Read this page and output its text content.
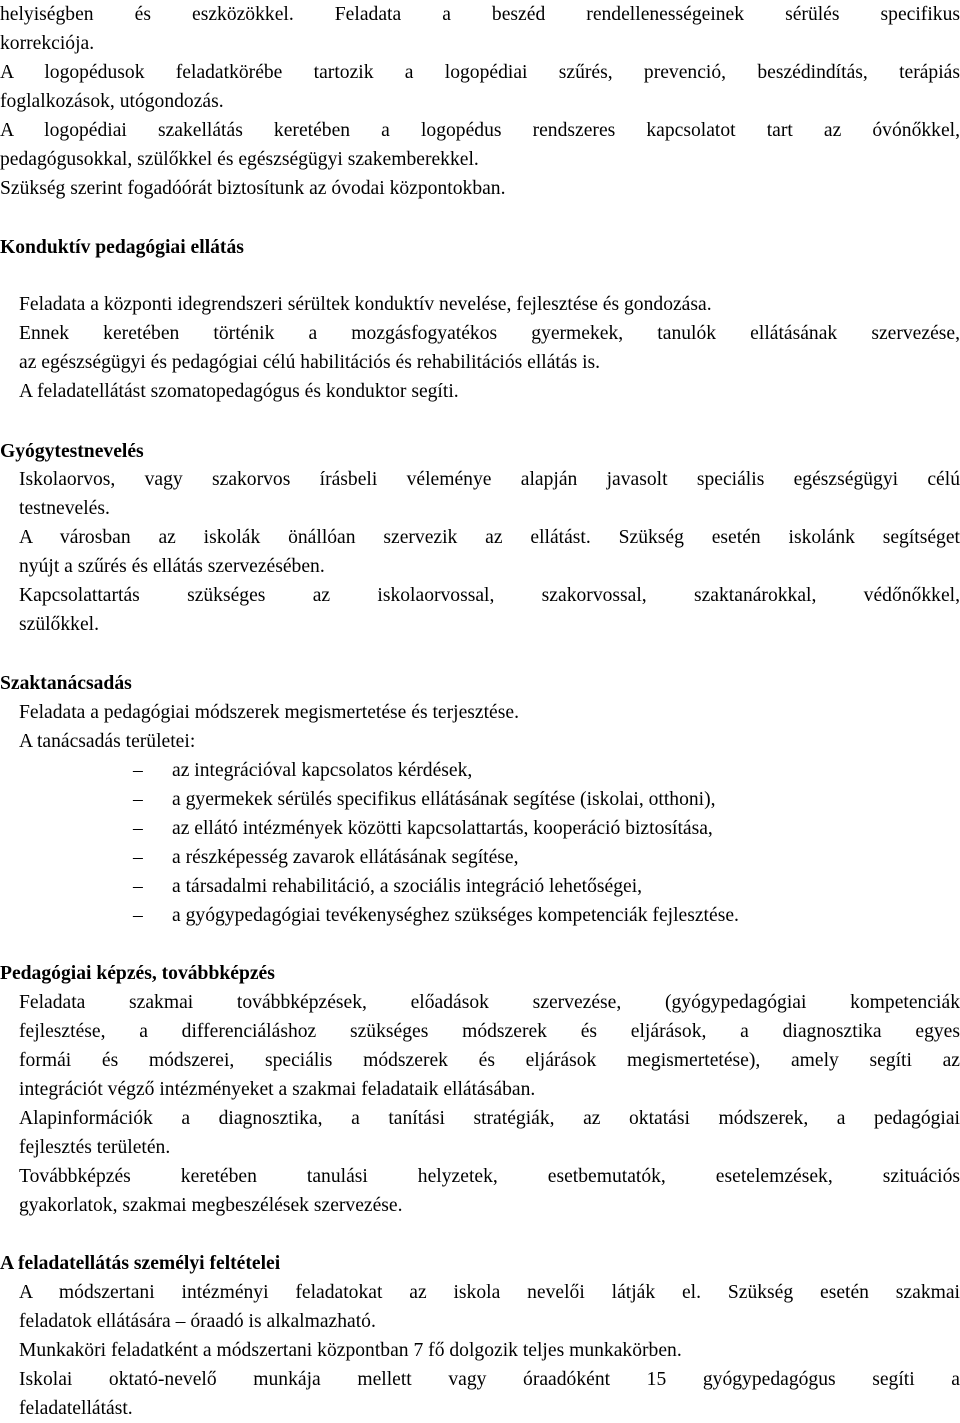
helyiségben és eszközökkel. Feladata a beszéd rendellenességeinek sérülés specifikus
korrekciója.
A logopédusok feladatkörébe tartozik a logopédiai szűrés, prevenció, beszédindítás, terápiás
foglalkozások, utógondozás.
A logopédiai szakellátás keretében a logopédus rendszeres kapcsolatot tart az óvónőkkel,
pedagógusokkal, szülőkkel és egészségügyi szakemberekkel.
Szükség szerint fogadóórát biztosítunk az óvodai központokban.
Konduktív pedagógiai ellátás
Feladata a központi idegrendszeri sérültek konduktív nevelése, fejlesztése és gondozása.
Ennek keretében történik a mozgásfogyatékos gyermekek, tanulók ellátásának szervezése,
az egészségügyi és pedagógiai célú habilitációs és rehabilitációs ellátás is.
A feladatellátást szomatopedagógus és konduktor segíti.
Gyógytestnevelés
Iskolaorvos, vagy szakorvos írásbeli véleménye alapján javasolt speciális egészségügyi célú
testnevelés.
A városban az iskolák önállóan szervezik az ellátást. Szükség esetén iskolánk segítséget
nyújt a szűrés és ellátás szervezésében.
Kapcsolattartás szükséges az iskolaorvossal, szakorvossal, szaktanárokkal, védőnőkkel,
szülőkkel.
Szaktanácsadás
Feladata a pedagógiai módszerek megismertetése és terjesztése.
A tanácsadás területei:
– az integrációval kapcsolatos kérdések,
– a gyermekek sérülés specifikus ellátásának segítése (iskolai, otthoni),
– az ellátó intézmények közötti kapcsolattartás, kooperáció biztosítása,
– a részképesség zavarok ellátásának segítése,
– a társadalmi rehabilitáció, a szociális integráció lehetőségei,
– a gyógypedagógiai tevékenységhez szükséges kompetenciák fejlesztése.
Pedagógiai képzés, továbbképzés
Feladata szakmai továbbképzések, előadások szervezése, (gyógypedagógiai kompetenciák
fejlesztése, a differenciáláshoz szükséges módszerek és eljárások, a diagnosztika egyes
formái és módszerei, speciális módszerek és eljárások megismertetése), amely segíti az
integrációt végző intézményeket a szakmai feladataik ellátásában.
Alapinformációk a diagnosztika, a tanítási stratégiák, az oktatási módszerek, a pedagógiai
fejlesztés területén.
Továbbképzés keretében tanulási helyzetek, esetbemutatók, esetelemzések, szituációs
gyakorlatok, szakmai megbeszélések szervezése.
A feladatellátás személyi feltételei
A módszertani intézményi feladatokat az iskola nevelői látják el. Szükség esetén szakmai
feladatok ellátására – óraadó is alkalmazható.
Munkaköri feladatként a módszertani központban 7 fő dolgozik teljes munkakörben.
Iskolai oktató-nevelő munkája mellett vagy óraadóként 15 gyógypedagógus segíti a
feladatellátást.
